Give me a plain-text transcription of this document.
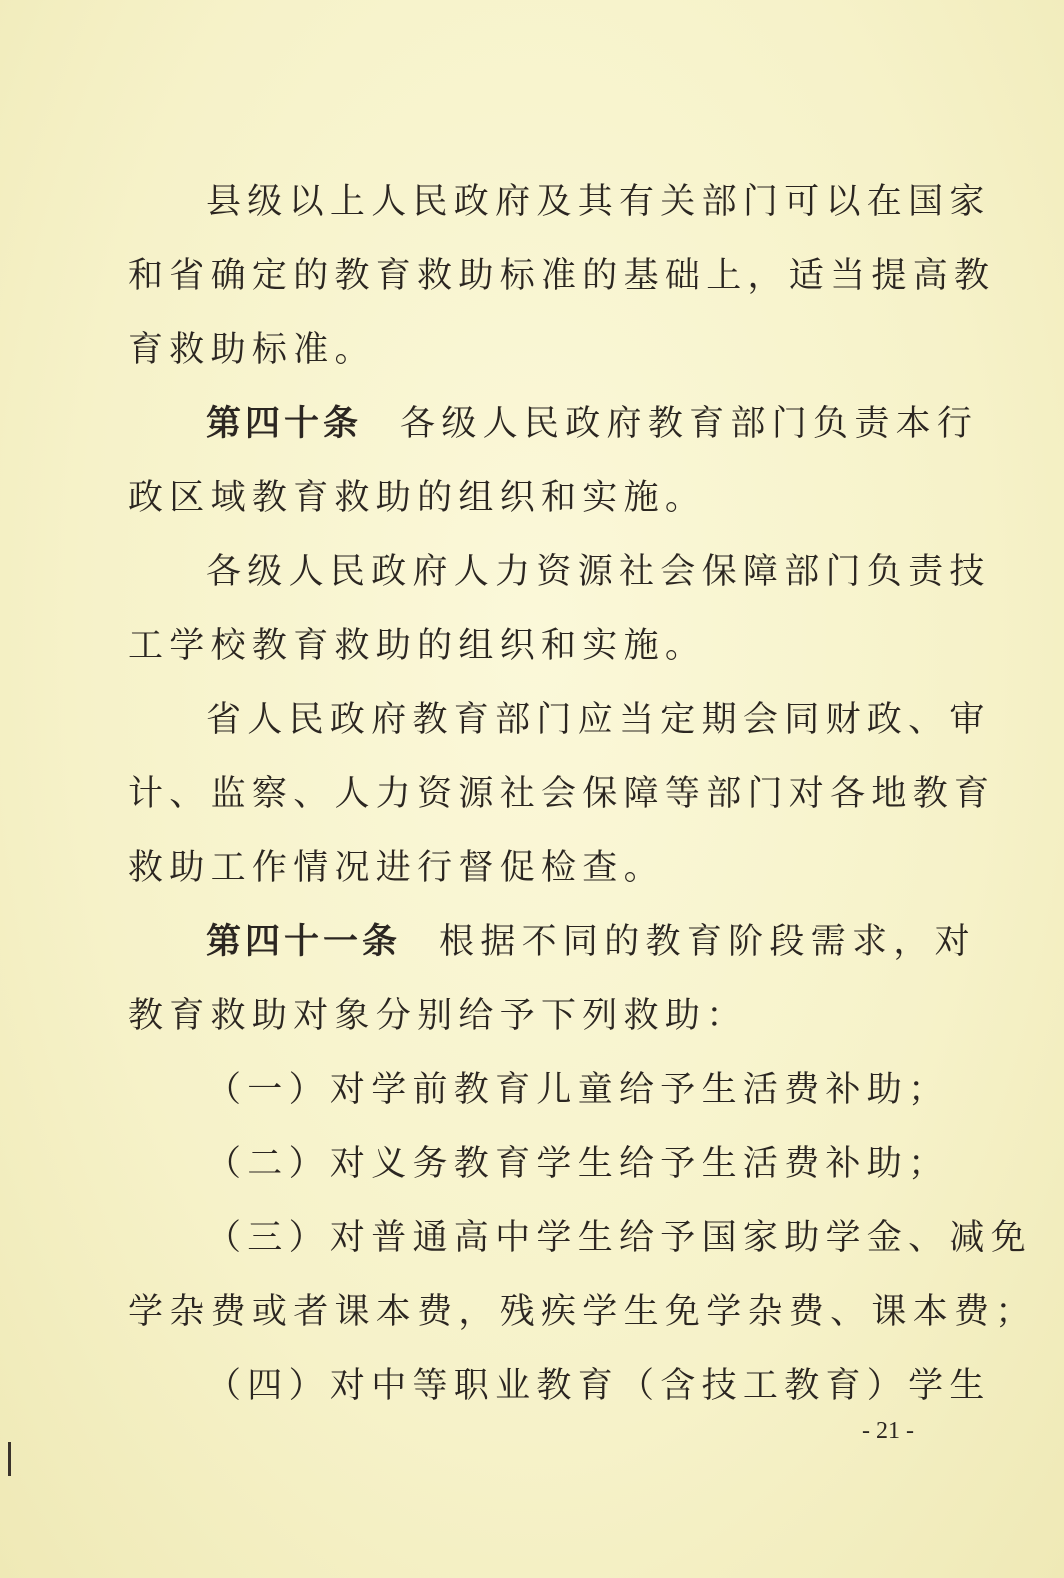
县级以上人民政府及其有关部门可以在国家
和省确定的教育救助标准的基础上，适当提高教
育救助标准。
第四十条 各级人民政府教育部门负责本行
政区域教育救助的组织和实施。
各级人民政府人力资源社会保障部门负责技
工学校教育救助的组织和实施。
省人民政府教育部门应当定期会同财政、审
计、监察、人力资源社会保障等部门对各地教育
救助工作情况进行督促检查。
第四十一条 根据不同的教育阶段需求，对
教育救助对象分别给予下列救助：
（一）对学前教育儿童给予生活费补助；
（二）对义务教育学生给予生活费补助；
（三）对普通高中学生给予国家助学金、减免
学杂费或者课本费，残疾学生免学杂费、课本费；
（四）对中等职业教育（含技工教育）学生
- 21 -
